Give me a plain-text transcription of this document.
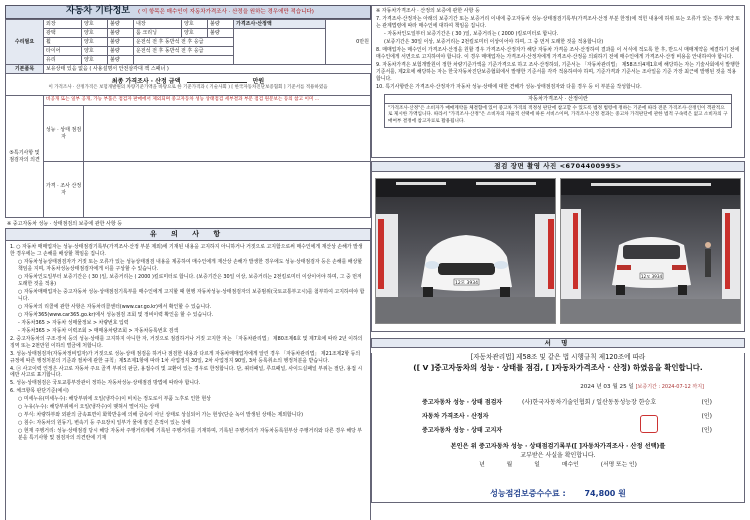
자동차 기타정보 ( 이 항목은 매수인이 자동차가격조사 · 산정을 원하는 경우에만 적습니다)
수리필요	외장	양호	불량	내장	양호	불량	가격조사·산정액	0만원
	광택	양호	불량	룸 크리닝	양호	불량		
	휠	양호	불량	운전석 전 후 동반석 전 후 응급				
	타이어	양호	불량	운전석 전 후 동반석 전 후 응급				
	유리	양호	불량					
기본품목	보유상태 있음 없음 ( 사용설명서 안전삼각대 잭 스패너 )							
최종 가격조사 · 산정 금액	만원
이 가격조사 · 산정가격은 보험개발원의 차량기준가액을 바탕으로 한 기준가격과 ( 기술사회 ) [ 한국자동차진단보증협회 ] 기준서를 적용하였음
⑤특기사항 및 점검자의 의견
비공개 또는 일부 공개, 가능 부품은 점검자 판매에서 제외되며 중고자동차 성능 상태점검 세부결과 부문 점검 원문보는 등의 참고 이미 ...
성능 · 상태 점검자
가격 · 조사 산정자
※ 중고자동차 성능 · 상태점검의 보증에 관한 사항 등
유 의 사 항

1. ○ 자동차 매매업자는 성능·상태점검기록부(가격조사·산정 부분 제외)에 기재된 내용을 고지하지 아니하거나 거짓으로 고지함으로써 매수인에게 재산상 손해가 발생한 경우에는 그 손해를 배상할 책임을 집니다.

○ 자동차성능상태점검자가 거짓 또는 오류가 있는 성능상태점검 내용을 제공하여 매수인에게 재산상 손해가 발생한 경우에도 성능·상태점검자 등은 손해를 배상할 책임을 지며, 자동차성능상태점검자에게 이를 구상할 수 있습니다.

○ 자동차인도일부터 보증기간은 ( 30 )일, 보증거리는 ( 2000 )킬로미터로 합니다. (보증기간은 30일 이상, 보증거리는 2천킬로미터 이상이어야 하며, 그 중 먼저 도래한 것을 적용)

○ 자동차매매업자는 중고자동차 성능·상태점검기록부를 매수인에게 고지할 때 현행 자동차성능·상태점검자의 보증범위(국토교통부고시)를 첨부하여 고지하여야 합니다.

○ 자동차의 리콜에 관한 사항은 자동차리콜센터(www.car.go.kr)에서 확인할 수 있습니다.

○ 자동차365(www.car365.go.kr)에서 성능점검 조회 및 정비이력 확인을 할 수 있습니다.

- 자동차365 > 자동차 성매물정보 > 차량번호 입력

- 자동차365 > 자동차 이력조회 > 매매용차량조회 > 자동차등록번호 검색

2. 중고자동차의 구조·장치 등의 성능·상태를 고지하지 아니한 자, 거짓으로 점검하거나 거짓 고지한 자는 「자동차관리법」 제80조제6호 및 제7호에 따라 2년 이하의 징역 또는 2천만원 이하의 벌금에 처합니다.

3. 성능·상태점검자(자동차정비업자)가 거짓으로 성능·상태 점검을 하거나 점검한 내용과 다르게 자동차매매업자에게 알린 경우 「자동차관리법」 제21조제2항 등의 규정에 따른 행정처분의 기준과 절차에 관한 규칙」제5조제1항에 따라 1차 사업정지 30일, 2차 사업정지 90일, 3차 등록취소의 행정처분을 받습니다.

4. ⓞ 사고이력 인정은 사고로 자동차 주요 골격 부위의 판금, 용접수리 및 교환이 있는 경우로 한정합니다. 단, 쿼터패널, 루프패널, 사이드실패널 부위는 절단, 용접 시에만 사고로 표기합니다.

5. 성능·상태점검은 국토교통부장관이 정하는 자동차성능·상태점검 방법에 따라야 합니다.

6. 체크항목 판단기준(예시)

○ 미세누유(미세누수): 해당부위에 오일(냉각수)이 비치는 정도로서 부품 노후로 인한 현상

○ 누유(누수): 해당부위에서 오일(냉각수)이 맺혀서 떨어지는 상태

○ 부식: 차량하부와 외판의 금속표면이 화학반응에 의해 금속이 아닌 상태로 상실되어 가는 현상(단순 녹이 발생된 상태는 제외합니다)

○ 침수: 자동차의 원동기, 변속기 등 주요장치 일부가 물에 잠긴 흔적이 있는 상태

○ 현재 주행거리: 성능·상태점검 당시 해당 자동차 주행거리계에 기록된 주행거리를 기재하며, 기록된 주행거리가 자동차등록원부상 주행거리와 다른 경우 해당 부분을 특기사항 및 점검자의 의견란에 기재

※ 자동차가격조사 · 산정의 보증에 관한 사항 등

7. 가격조사·산정자는 아래의 보증기간 또는 보증거리 이내에 중고자동차 성능·상태점검기록부(가격조사·산정 부분 한정)에 적힌 내용에 허위 또는 오류가 있는 경우 계약 또는 관계법령에 따라 매수인에 대하여 책임을 집니다.

- 자동차인도일부터 보증기간은 ( 30 )일, 보증거리는 ( 2000 )킬로미터로 합니다.

(보증기간은 30일 이상, 보증거리는 2천킬로미터 이상이어야 하며, 그 중 먼저 도래한 것을 적용합니다)

8. 매매업자는 매수인이 가격조사·산정을 원할 경우 가격조사·산정자가 해당 자동차 가격을 조사·산정하여 결과를 이 서식에 적도록 한 후, 반드시 매매계약을 체결하기 전에 매수인에게 서면으로 고지하여야 합니다. 이 경우 매매업자는 가격조사·산정자에게 가격조사·산정을 의뢰하기 전에 매수인에게 가격조사·산정 비용을 안내하여야 합니다.

9. 자동차가격은 보험개발원이 정한 차량기준가액을 기준가격으로 하고 조사·산정하되, 기준서는 「자동차관리법」 제58조의4제1호에 해당하는 자는 기술사회에서 발행한 기준서를, 제2호에 해당하는 자는 한국자동차진단보증협회에서 발행한 기준서를 각각 적용하여야 하며, 기준가격과 기준서는 조사일을 기준 가장 최근에 발행된 것을 적용합니다.

10. 특기사항란은 가격조사·산정자가 자동차 성능·상태에 대한 견해가 성능·상태점검자와 다를 경우 등 이 부분을 작성합니다.

자동차가격조사 · 산정이란
"가격조사·산정"은 소비자가 매매계약을 체결함에 있어 중고차 가격의 적정성 판단에 참고할 수 있도록 법정 법령에 정하는 기준에 따라 전문 가격조사·산정인이 객관적으로 제시한 가액입니다. 따라서 "가격조사·산정"은 소비자의 자율적 선택에 따른 서비스이며, 가격조사·산정 결과는 중고차 가격판단에 관한 법적 구속력은 없고 소비자의 구매여부 결정에 참고자료로 활용됩니다.
점검 장면 촬영 사진 <6704400995>
12모 3934
12모 3934
서 명
[자동차관리법] 제58조 및 같은 법 시행규칙 제120조에 따라
([ V ]중고자동차의 성능 · 상태를 점검, [ ]자동차가격조사 · 산정) 하였음을 확인합니다.
2024 년 03 월 25 일 [보증기간 : 2024-07-12 까지]
중고자동차 성능 · 상태 점검자	(사)한국자동차기술인협회 / 일산동동성능장 한승호	(인)
자동차 가격조사 · 산정자	(인)
중고자동차 성능 · 상태 고지자	(인)
본인은 위 중고자동차 성능 · 상태점검기록부([ ]자동차가격조사 · 산정 선택)를
교부받은 사실을 확인합니다.
년	월	일	매수인	(서명 또는 인)
성능점검보증수수료 : 74,800 원
